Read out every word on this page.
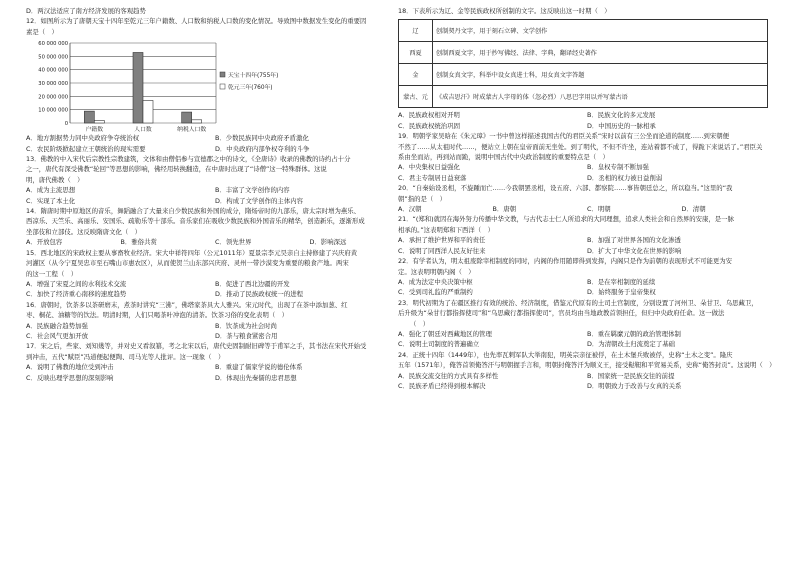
D．两汉法适应了南方经济发展的客观趋势
12．如图所示为了唐朝天宝十四年至乾元三年户籍数、人口数和纳税人口数的变化情况。导致图中数据发生变化的重要因
素是（　）
60 000 000
50 000 000
40 000 000
30 000 000
20 000 000
10 000 000
0
户籍数	人口数	纳税人口数
天宝十四年(755年)
乾元三年(760年)
A．地方割据势力同中央政府争夺统治权	B．少数民族同中央政府矛盾激化
C．农民阶级掀起建立王朝统治的现实需要	D．中央政府内部争权夺利的斗争
13．佛教的中入宋代后宗教性宗教建筑，文体和由僧侣参与宣德郡之中的诗文，《全唐诗》收录的佛教的诗约占十分
之一，唐代有深受佛教“轮回”等思想的影响，佛经用转换翻造，在中唐时出现了“诗僧”这一特殊群体。这说
明，唐代佛教（　）
A．成为主流思想	B．丰富了文学创作的内容
C．实现了本土化	D．构成了文学创作的主体内容
14．隋唐时期中原地区的音乐，舞蹈融合了大量来自少数民族和外国的成分，隋炀帝时的九部乐，唐太宗时增为燕乐、
西凉乐、天竺乐、高丽乐、安国乐、疏勒乐等十部乐。音乐家们在吸收少数民族和外国音乐的精华，创造新乐，逐渐形成
坐部伎和立部伎。这反映隋唐文化（　）
A．开放包容	B．雅俗共赏	C．领先世界	D．影响深远
15．西北地区的宋政权主要从事畜牧业经济。宋大中祥符四年（公元1011年）夏景宗李元昊亲自主持修建了兴庆府黄
河灌区（从今宁夏吴忠市至石嘴山市惠农区），从而使贺兰山东部兴庆府、灵州一带沙漠变为重要的粮食产地。两宋
的这一工程（　）
A．增强了宋夏之间的水利技术交流	B．促进了西北边疆的开发
C．加快了经济重心南移的速度趋势	D．推动了民族政权统一的进程
16．唐朝时，饮茶多以茶研磨末，煮茶时讲究“三沸”，佛塔家茶具大人雅兴。宋元时代，出现了在茶中添加葱、红
枣、桐花、油糖等的饮法。明清时期，人们只喝茶叶冲泡的清茶。饮茶习俗的变化表明（　）
A．民族融合趋势加强	B．饮茶成为社会时尚
C．社会风气更加开放	D．茶与粮食紧密合用
17．宋之后，些家、刘知幾等，并对史又看叙纂，考之北宋以后，唐代史固制耐旧碑等于甫军之手，其书法在宋代开始受
到冲击，五代“赋臣”冯道便起便陶、司马光等人批评。这一现象（　）
A．说明了佛教的地位受到冲击	B．重建了儒家学说的德伦体系
C．反映出理学思想的深刻影响	D．体现出先秦儒的忠君思想
18．下表所示为辽、金等民族政权所创制的文字。这反映出这一时期（　）
辽	创制契丹文字，用于刻石立碑、文学创作
西夏	创制西夏文字，用于抄写佛经、法律、字典，翻译经史著作
金	创制女真文字，科举中设女真进士科，用女真文字答题
蒙古、元	《成吉思汗》时成蒙古人字母的体（忽必烈）八思巴字用以并写蒙古语
A．民族政权相对开明	B．民族文化的多元发展
C．民族政权统治巩固	D．中国历史的一脉相承
19．明朝学家吴晗在《朱元璋》一书中曾这样描述我国古代的君臣关系“宋时以前有三公坐而论道的制度……到宋朝便
不然了……从太祖时代……，便站立上朝在皇帝面前无坐处。到了明代，不但不许坐，连站着都不成了，得跪下来说话了。”君臣关
系由坐而站，再到站而跪，说明中国古代中央政治制度的重要特点是（　）
A．中央集权日益强化	B．皇权专制不断加强
C．君主专制居日益衰落	D．丞相的权力被日益削弱
20．“自秦始设丞相，不旋踵而亡……今我朝罢丞相，设五府、六部、都察院……事皆朝廷总之，所以稳当。”这里的“我
朝”指的是（　）
A．汉朝	B．唐朝	C．明朝	D．清朝
21．“(郑和)就因在海外努力传播中华文教，与古代志士仁人所追求的大同理想，追求人类社会和自然界的安康，是一脉
相承的。”这表明郑和下西洋（　）
A．承担了维护世界和平的责任	B．加强了对世界各国的文化渗透
C．说明了同西洋人民友好往来	D．扩大了中华文化在世界的影响
22．有学者认为，明太祖废除宰相制度的同时，内阁的作用随即得到发挥，内阁只是作为前朝的表现形式不可能更为安
定。这表明明朝内阁（　）
A．成为法定中央决策中枢	B．是在宰相制度的延续
C．受到司礼监的严重制约	D．始终服务于皇帝集权
23．明代初期为了在疆区推行有效的统治、经济制度，借鉴元代原有的土司土官制度，分别设置了河州卫、朵甘卫、乌思藏卫，
后升级为“朵甘行都指挥使司”和“乌思藏行都指挥使司”，官员均由当地政教首领担任，但归中央政府任命。这一做法
（　）
A．强化了朝廷对西藏地区的管理	B．重在羁縻元朝的政治管理体制
C．说明土司制度的普遍确立	D．为清朝改土归流奠定了基础
24．正统十四年（1449年），也先率瓦剌军队大举南犯，明英宗亲征被俘，在土木堡兵败被俘，史称“土木之变”。隆庆
五年（1571年），俺答首领俺答汗与明朝握手言和，明朝封俺答汗为顺义王，接受鞑靼和平贸易关系，史称“俺答封贡”。这说明（　）
A．民族交流交往的方式具有多样性	B．国家统一是民族交往的前提
C．民族矛盾已经得到根本解决	D．明朝致力于改善与女真的关系
